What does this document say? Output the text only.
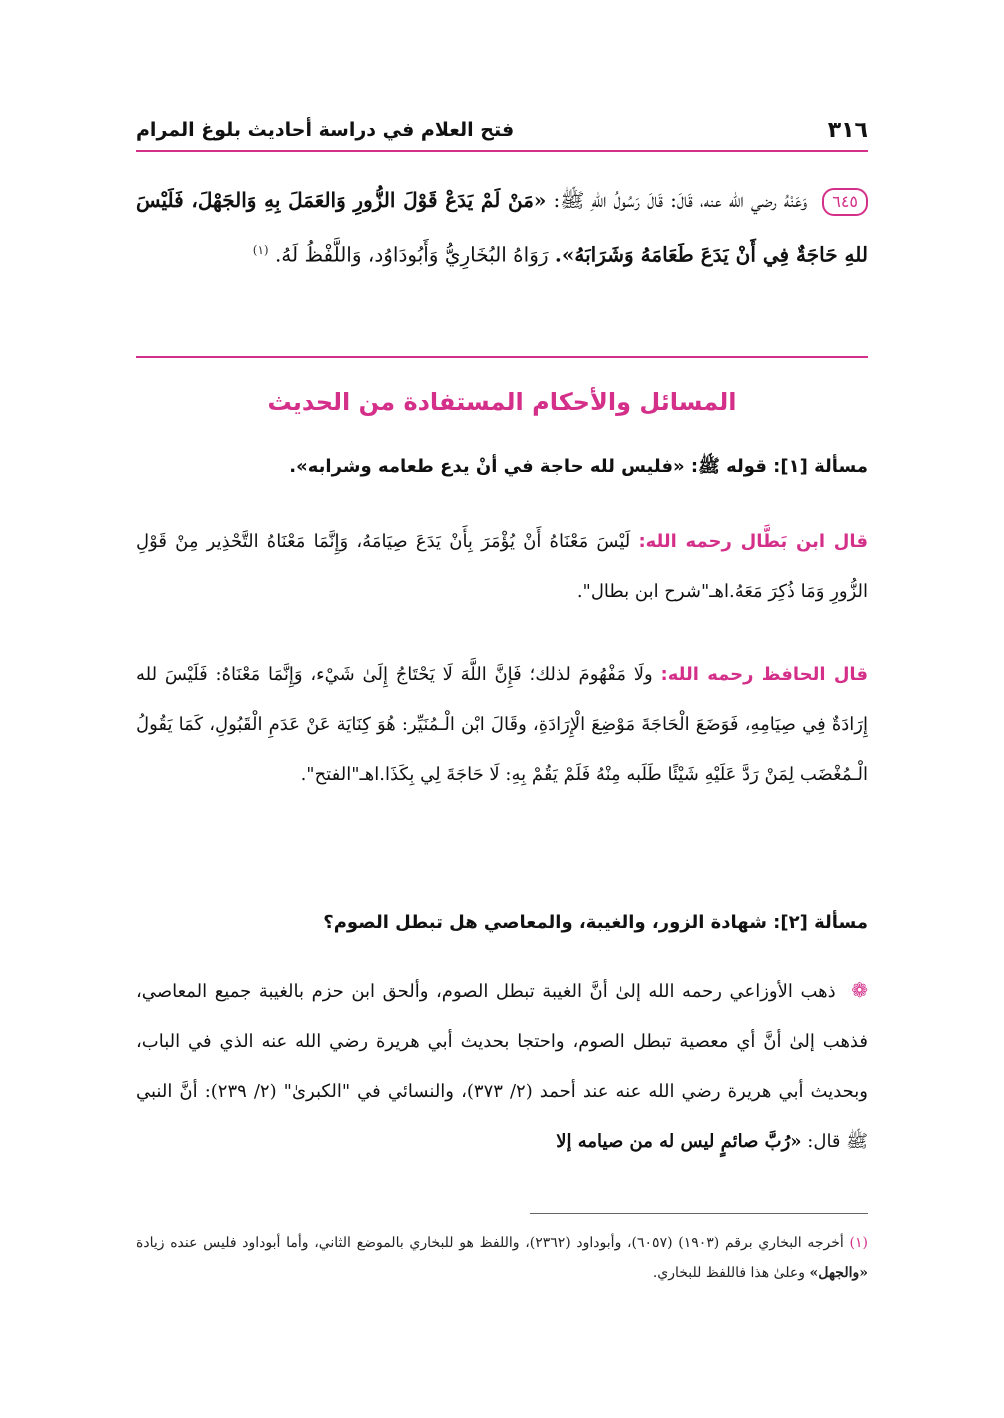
٣١٦
فتح العلام في دراسة أحاديث بلوغ المرام
٦٤٥ وَعَنْهُ رضي الله عنه، قَالَ: قَالَ رَسُولُ اللهِ ﷺ: «مَنْ لَمْ يَدَعْ قَوْلَ الزُّورِ وَالعَمَلَ بِهِ وَالجَهْلَ، فَلَيْسَ للهِ حَاجَةٌ فِي أَنْ يَدَعَ طَعَامَهُ وَشَرَابَهُ». رَوَاهُ البُخَارِيُّ وَأَبُودَاوُد، وَاللَّفْظُ لَهُ. $^{(١)}$
المسائل والأحكام المستفادة من الحديث
مسألة [١]: قوله ﷺ: «فليس لله حاجة في أنْ يدع طعامه وشرابه».
قال ابن بَطَّال رحمه الله: لَيْسَ مَعْنَاهُ أَنْ يُؤْمَرَ بِأَنْ يَدَعَ صِيَامَهُ، وَإِنَّمَا مَعْنَاهُ التَّحْذِير مِنْ قَوْلِ الزُّورِ وَمَا ذُكِرَ مَعَهُ.اهـ"شرح ابن بطال".
قال الحافظ رحمه الله: ولَا مَفْهُومَ لذلك؛ فَإِنَّ اللَّهَ لَا يَحْتَاجُ إِلَىٰ شَيْء، وَإِنَّمَا مَعْنَاهُ: فَلَيْسَ لله إِرَادَةٌ فِي صِيَامِهِ، فَوَضَعَ الْحَاجَةَ مَوْضِعَ الْإِرَادَةِ، وقَالَ ابْن الْـمُنَيِّر: هُوَ كِنَايَة عَنْ عَدَمِ الْقَبُولِ، كَمَا يَقُولُ الْـمُغْضَب لِمَنْ رَدَّ عَلَيْهِ شَيْئًا طَلَبه مِنْهُ فَلَمْ يَقُمْ بِهِ: لَا حَاجَةَ لِي بِكَذَا.اهـ"الفتح".
مسألة [٢]: شهادة الزور، والغيبة، والمعاصي هل تبطل الصوم؟
❁ ذهب الأوزاعي رحمه الله إلىٰ أنَّ الغيبة تبطل الصوم، وألحق ابن حزم بالغيبة جميع المعاصي، فذهب إلىٰ أنَّ أي معصية تبطل الصوم، واحتجا بحديث أبي هريرة رضي الله عنه الذي في الباب، وبحديث أبي هريرة رضي الله عنه عند أحمد (٢/ ٣٧٣)، والنسائي في "الكبرىٰ" (٢/ ٢٣٩): أنَّ النبي ﷺ قال: «رُبَّ صائمٍ ليس له من صيامه إلا
(١) أخرجه البخاري برقم (١٩٠٣) (٦٠٥٧)، وأبوداود (٢٣٦٢)، واللفظ هو للبخاري بالموضع الثاني، وأما أبوداود فليس عنده زيادة «والجهل» وعلىٰ هذا فاللفظ للبخاري.
